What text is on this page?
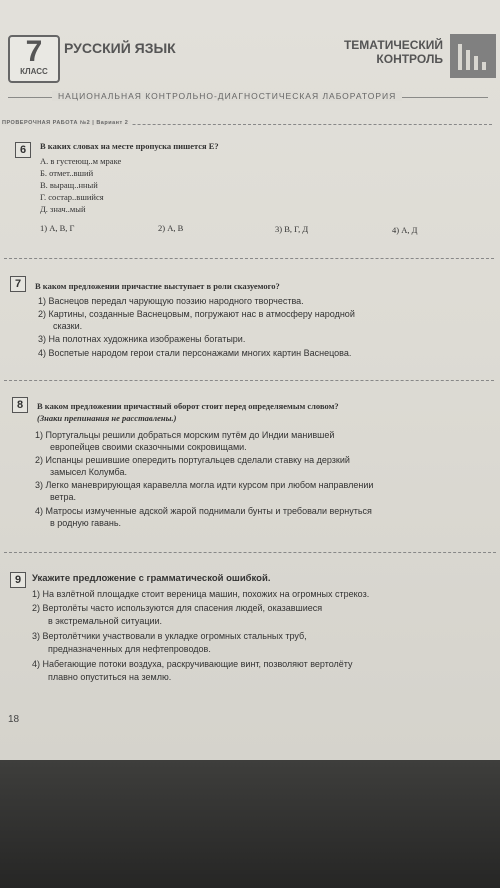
7
КЛАСС
РУССКИЙ ЯЗЫК	ТЕМАТИЧЕСКИЙ КОНТРОЛЬ
НАЦИОНАЛЬНАЯ КОНТРОЛЬНО-ДИАГНОСТИЧЕСКАЯ ЛАБОРАТОРИЯ
ПРОВЕРОЧНАЯ РАБОТА №2 | Вариант 2
6	В каких словах на месте пропуска пишется Е?
А. в густеющ..м мраке
Б. отмет..вший
В. выращ..нный
Г. состар..вшийся
Д. знач..мый
1) А, В, Г	2) А, В	3) В, Г, Д	4) А, Д
7	В каком предложении причастие выступает в роли сказуемого?
1) Васнецов передал чарующую поэзию народного творчества.
2) Картины, созданные Васнецовым, погружают нас в атмосферу народной
сказки.
3) На полотнах художника изображены богатыри.
4) Воспетые народом герои стали персонажами многих картин Васнецова.
8	В каком предложении причастный оборот стоит перед определяемым словом?
(Знаки препинания не расставлены.)
1) Португальцы решили добраться морским путём до Индии манившей
европейцев своими сказочными сокровищами.
2) Испанцы решившие опередить португальцев сделали ставку на дерзкий
замысел Колумба.
3) Легко маневрирующая каравелла могла идти курсом при любом направлении
ветра.
4) Матросы измученные адской жарой поднимали бунты и требовали вернуться
в родную гавань.
9	Укажите предложение с грамматической ошибкой.
1) На взлётной площадке стоит вереница машин, похожих на огромных стрекоз.
2) Вертолёты часто используются для спасения людей, оказавшиеся
в экстремальной ситуации.
3) Вертолётчики участвовали в укладке огромных стальных труб,
предназначенных для нефтепроводов.
4) Набегающие потоки воздуха, раскручивающие винт, позволяют вертолёту
плавно опуститься на землю.
18
